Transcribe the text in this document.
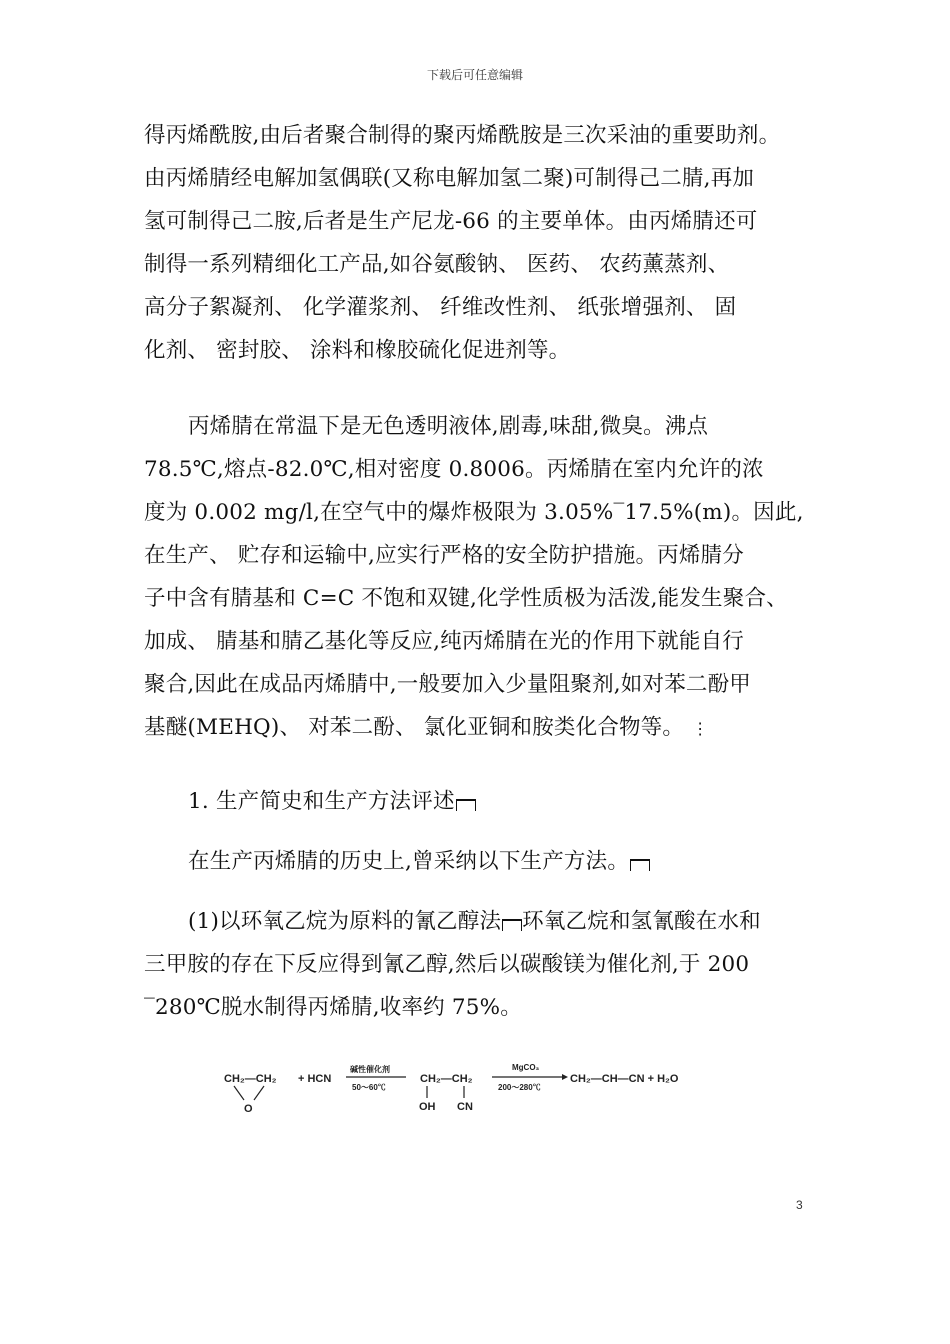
下载后可任意编辑
得丙烯酰胺,由后者聚合制得的聚丙烯酰胺是三次采油的重要助剂。
由丙烯腈经电解加氢偶联(又称电解加氢二聚)可制得己二腈,再加
氢可制得己二胺,后者是生产尼龙-66 的主要单体。由丙烯腈还可
制得一系列精细化工产品,如谷氨酸钠、 医药、 农药薰蒸剂、
高分子絮凝剂、 化学灌浆剂、 纤维改性剂、 纸张增强剂、 固
化剂、 密封胶、 涂料和橡胶硫化促进剂等。
丙烯腈在常温下是无色透明液体,剧毒,味甜,微臭。沸点
78.5℃,熔点-82.0℃,相对密度 0.8006。丙烯腈在室内允许的浓
度为 0.002 mg/l,在空气中的爆炸极限为 3.05%‾17.5%(m)。因此,
在生产、 贮存和运输中,应实行严格的安全防护措施。丙烯腈分
子中含有腈基和 C=C 不饱和双键,化学性质极为活泼,能发生聚合、
加成、 腈基和腈乙基化等反应,纯丙烯腈在光的作用下就能自行
聚合,因此在成品丙烯腈中,一般要加入少量阻聚剂,如对苯二酚甲
基醚(MEHQ)、 对苯二酚、 氯化亚铜和胺类化合物等。 ⋮
1. 生产简史和生产方法评述
在生产丙烯腈的历史上,曾采纳以下生产方法。
(1)以环氧乙烷为原料的氰乙醇法 环氧乙烷和氢氰酸在水和
三甲胺的存在下反应得到氰乙醇,然后以碳酸镁为催化剂,于 200
‾280℃脱水制得丙烯腈,收率约 75%。
CH₂—CH₂
O
+ HCN
碱性催化剂
50～60℃
CH₂—CH₂
OH CN
MgCO₃
200～280℃
CH₂—CH—CN + H₂O
3
